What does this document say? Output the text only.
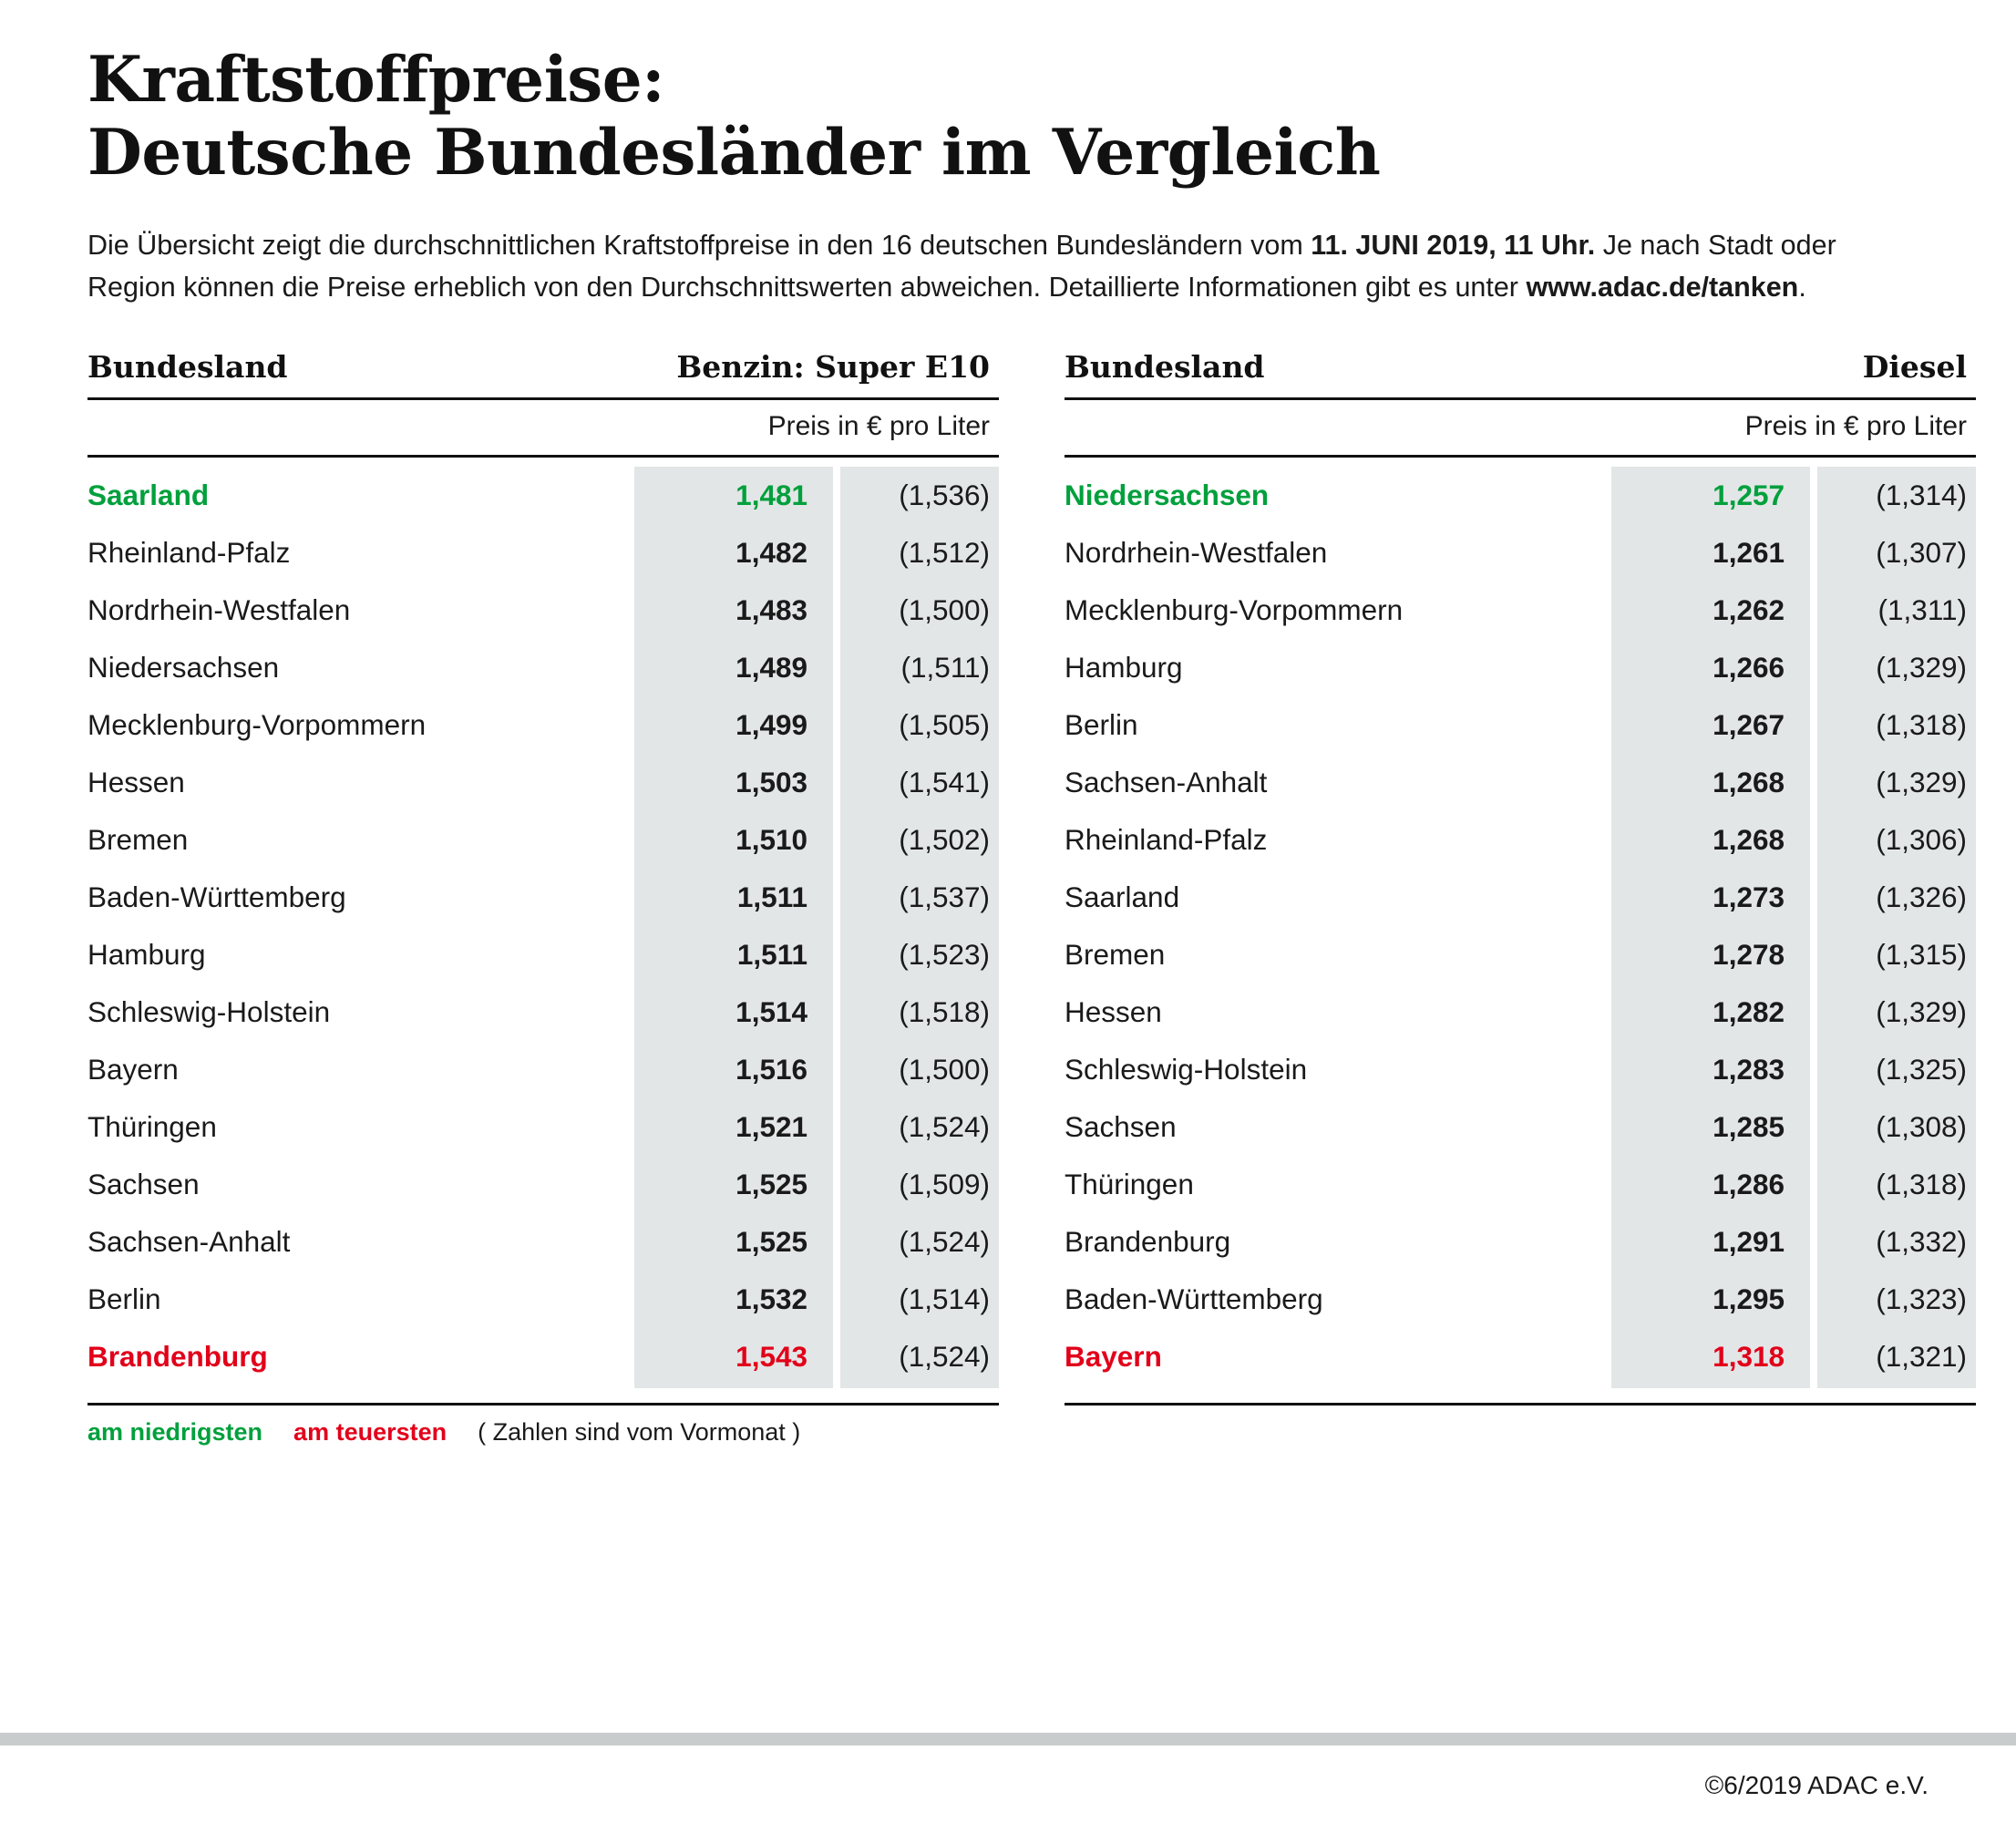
Kraftstoffpreise:
Deutsche Bundesländer im Vergleich

Die Übersicht zeigt die durchschnittlichen Kraftstoffpreise in den 16 deutschen Bundesländern vom 11. JUNI 2019, 11 Uhr. Je nach Stadt oder Region können die Preise erheblich von den Durchschnittswerten abweichen. Detaillierte Informationen gibt es unter www.adac.de/tanken.

Bundesland	Benzin: Super E10	
	Preis in € pro Liter	

Saarland	1,481	(1,536)
Rheinland-Pfalz	1,482	(1,512)
Nordrhein-Westfalen	1,483	(1,500)
Niedersachsen	1,489	(1,511)
Mecklenburg-Vorpommern	1,499	(1,505)
Hessen	1,503	(1,541)
Bremen	1,510	(1,502)
Baden-Württemberg	1,511	(1,537)
Hamburg	1,511	(1,523)
Schleswig-Holstein	1,514	(1,518)
Bayern	1,516	(1,500)
Thüringen	1,521	(1,524)
Sachsen	1,525	(1,509)
Sachsen-Anhalt	1,525	(1,524)
Berlin	1,532	(1,514)
Brandenburg	1,543	(1,524)
am niedrigsten am teuersten ( Zahlen sind vom Vormonat )
Bundesland	Diesel	
	Preis in € pro Liter	

Niedersachsen	1,257	(1,314)
Nordrhein-Westfalen	1,261	(1,307)
Mecklenburg-Vorpommern	1,262	(1,311)
Hamburg	1,266	(1,329)
Berlin	1,267	(1,318)
Sachsen-Anhalt	1,268	(1,329)
Rheinland-Pfalz	1,268	(1,306)
Saarland	1,273	(1,326)
Bremen	1,278	(1,315)
Hessen	1,282	(1,329)
Schleswig-Holstein	1,283	(1,325)
Sachsen	1,285	(1,308)
Thüringen	1,286	(1,318)
Brandenburg	1,291	(1,332)
Baden-Württemberg	1,295	(1,323)
Bayern	1,318	(1,321)
©6/2019 ADAC e.V.
